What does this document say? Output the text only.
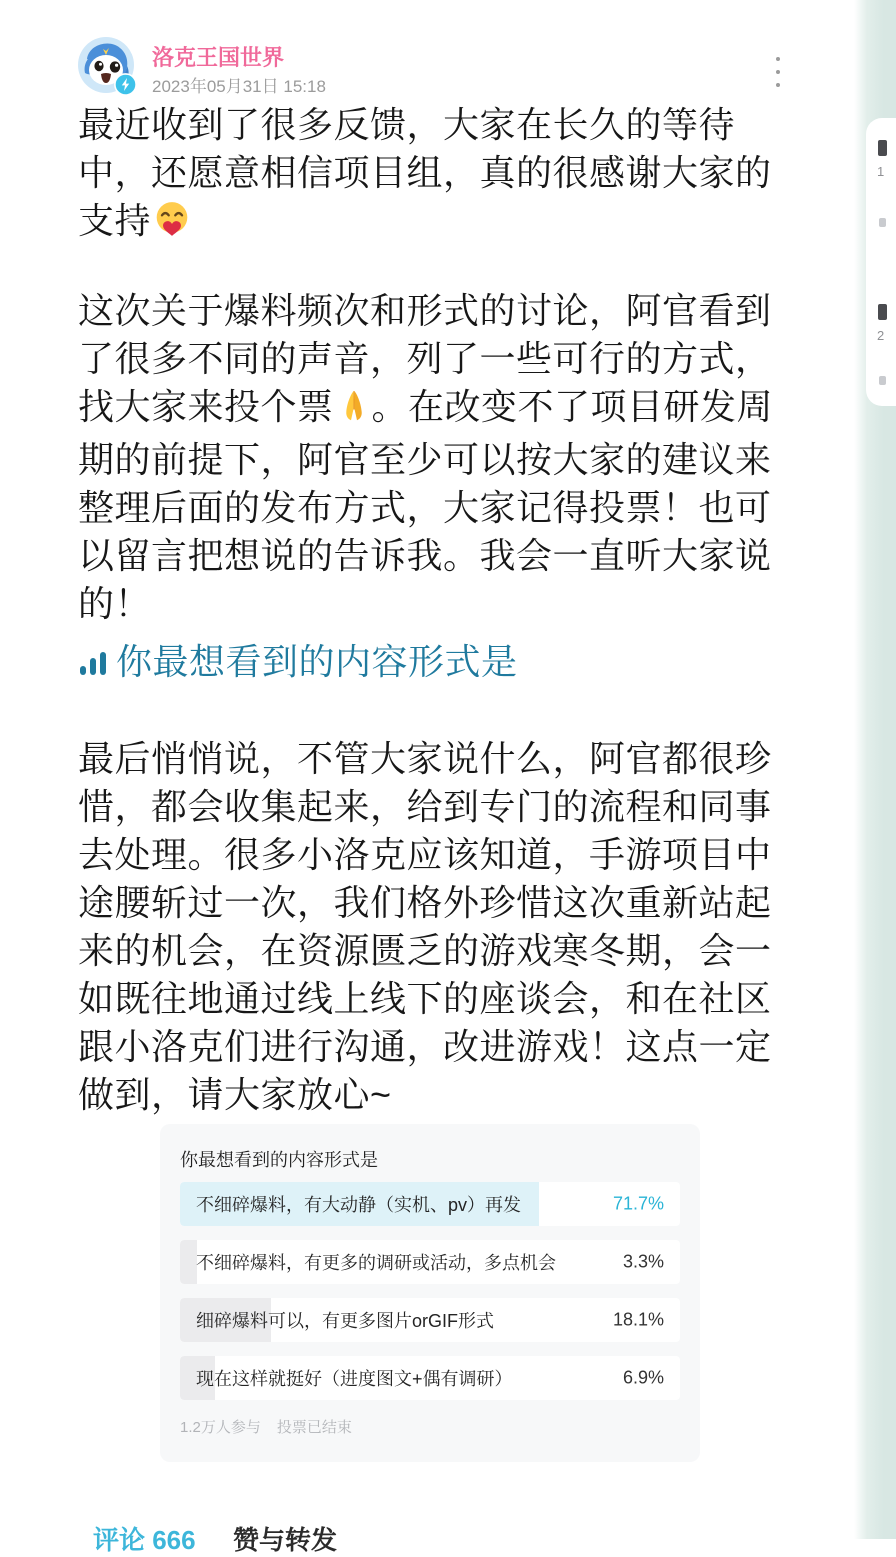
1
2
洛克王国世界
2023年05月31日 15:18
最近收到了很多反馈，大家在长久的等待
中，还愿意相信项目组，真的很感谢大家的
支持
这次关于爆料频次和形式的讨论，阿官看到
了很多不同的声音，列了一些可行的方式，
找大家来投个票 。在改变不了项目研发周
期的前提下，阿官至少可以按大家的建议来
整理后面的发布方式，大家记得投票！也可
以留言把想说的告诉我。我会一直听大家说
的！
你最想看到的内容形式是
最后悄悄说，不管大家说什么，阿官都很珍
惜，都会收集起来，给到专门的流程和同事
去处理。很多小洛克应该知道，手游项目中
途腰斩过一次，我们格外珍惜这次重新站起
来的机会，在资源匮乏的游戏寒冬期，会一
如既往地通过线上线下的座谈会，和在社区
跟小洛克们进行沟通，改进游戏！这点一定
做到，请大家放心~
你最想看到的内容形式是
不细碎爆料，有大动静（实机、pv）再发	71.7%
不细碎爆料，有更多的调研或活动，多点机会	3.3%
细碎爆料可以，有更多图片orGIF形式	18.1%
现在这样就挺好（进度图文+偶有调研）	6.9%
1.2万人参与 投票已结束
评论 666 赞与转发
